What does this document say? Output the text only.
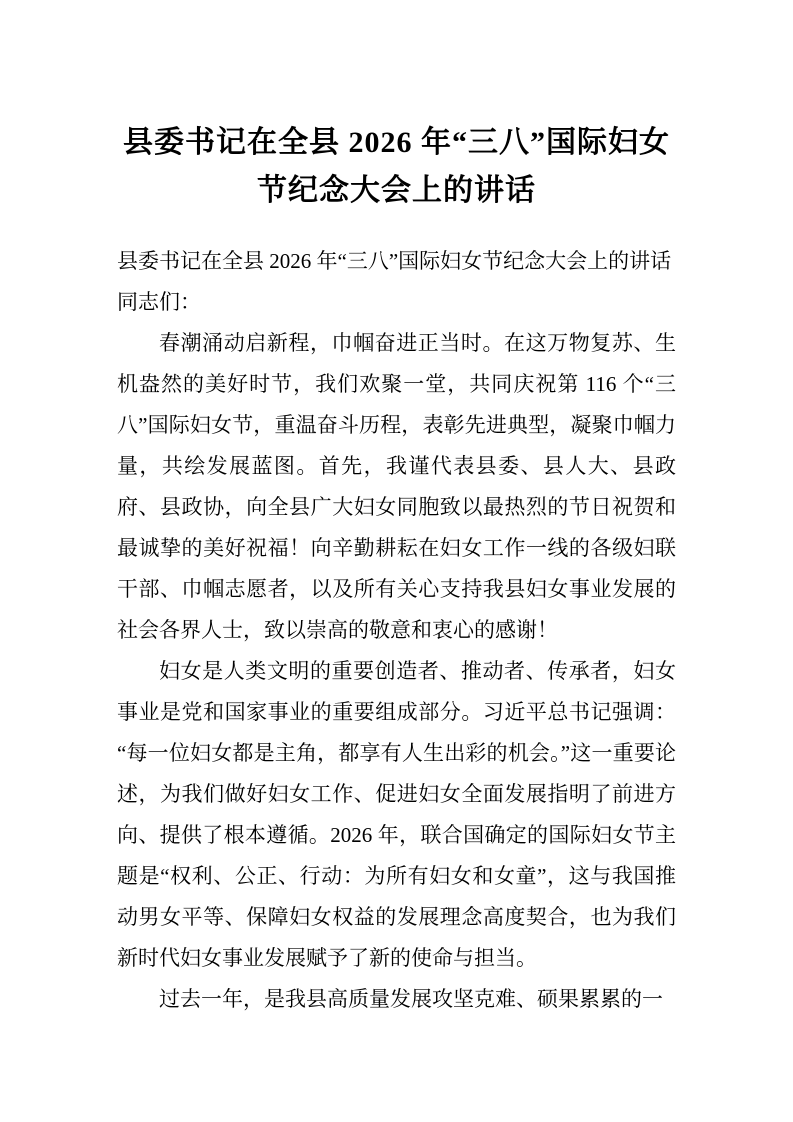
县委书记在全县 2026 年“三八”国际妇女
节纪念大会上的讲话

县委书记在全县 2026 年“三八”国际妇女节纪念大会上的讲话

同志们：

春潮涌动启新程，巾帼奋进正当时。在这万物复苏、生机盎然的美好时节，我们欢聚一堂，共同庆祝第 116 个“三八”国际妇女节，重温奋斗历程，表彰先进典型，凝聚巾帼力量，共绘发展蓝图。首先，我谨代表县委、县人大、县政府、县政协，向全县广大妇女同胞致以最热烈的节日祝贺和最诚挚的美好祝福！向辛勤耕耘在妇女工作一线的各级妇联干部、巾帼志愿者，以及所有关心支持我县妇女事业发展的社会各界人士，致以崇高的敬意和衷心的感谢！

妇女是人类文明的重要创造者、推动者、传承者，妇女事业是党和国家事业的重要组成部分。习近平总书记强调：“每一位妇女都是主角，都享有人生出彩的机会。”这一重要论述，为我们做好妇女工作、促进妇女全面发展指明了前进方向、提供了根本遵循。2026 年，联合国确定的国际妇女节主题是“权利、公正、行动：为所有妇女和女童”，这与我国推动男女平等、保障妇女权益的发展理念高度契合，也为我们新时代妇女事业发展赋予了新的使命与担当。

过去一年，是我县高质量发展攻坚克难、硕果累累的一
